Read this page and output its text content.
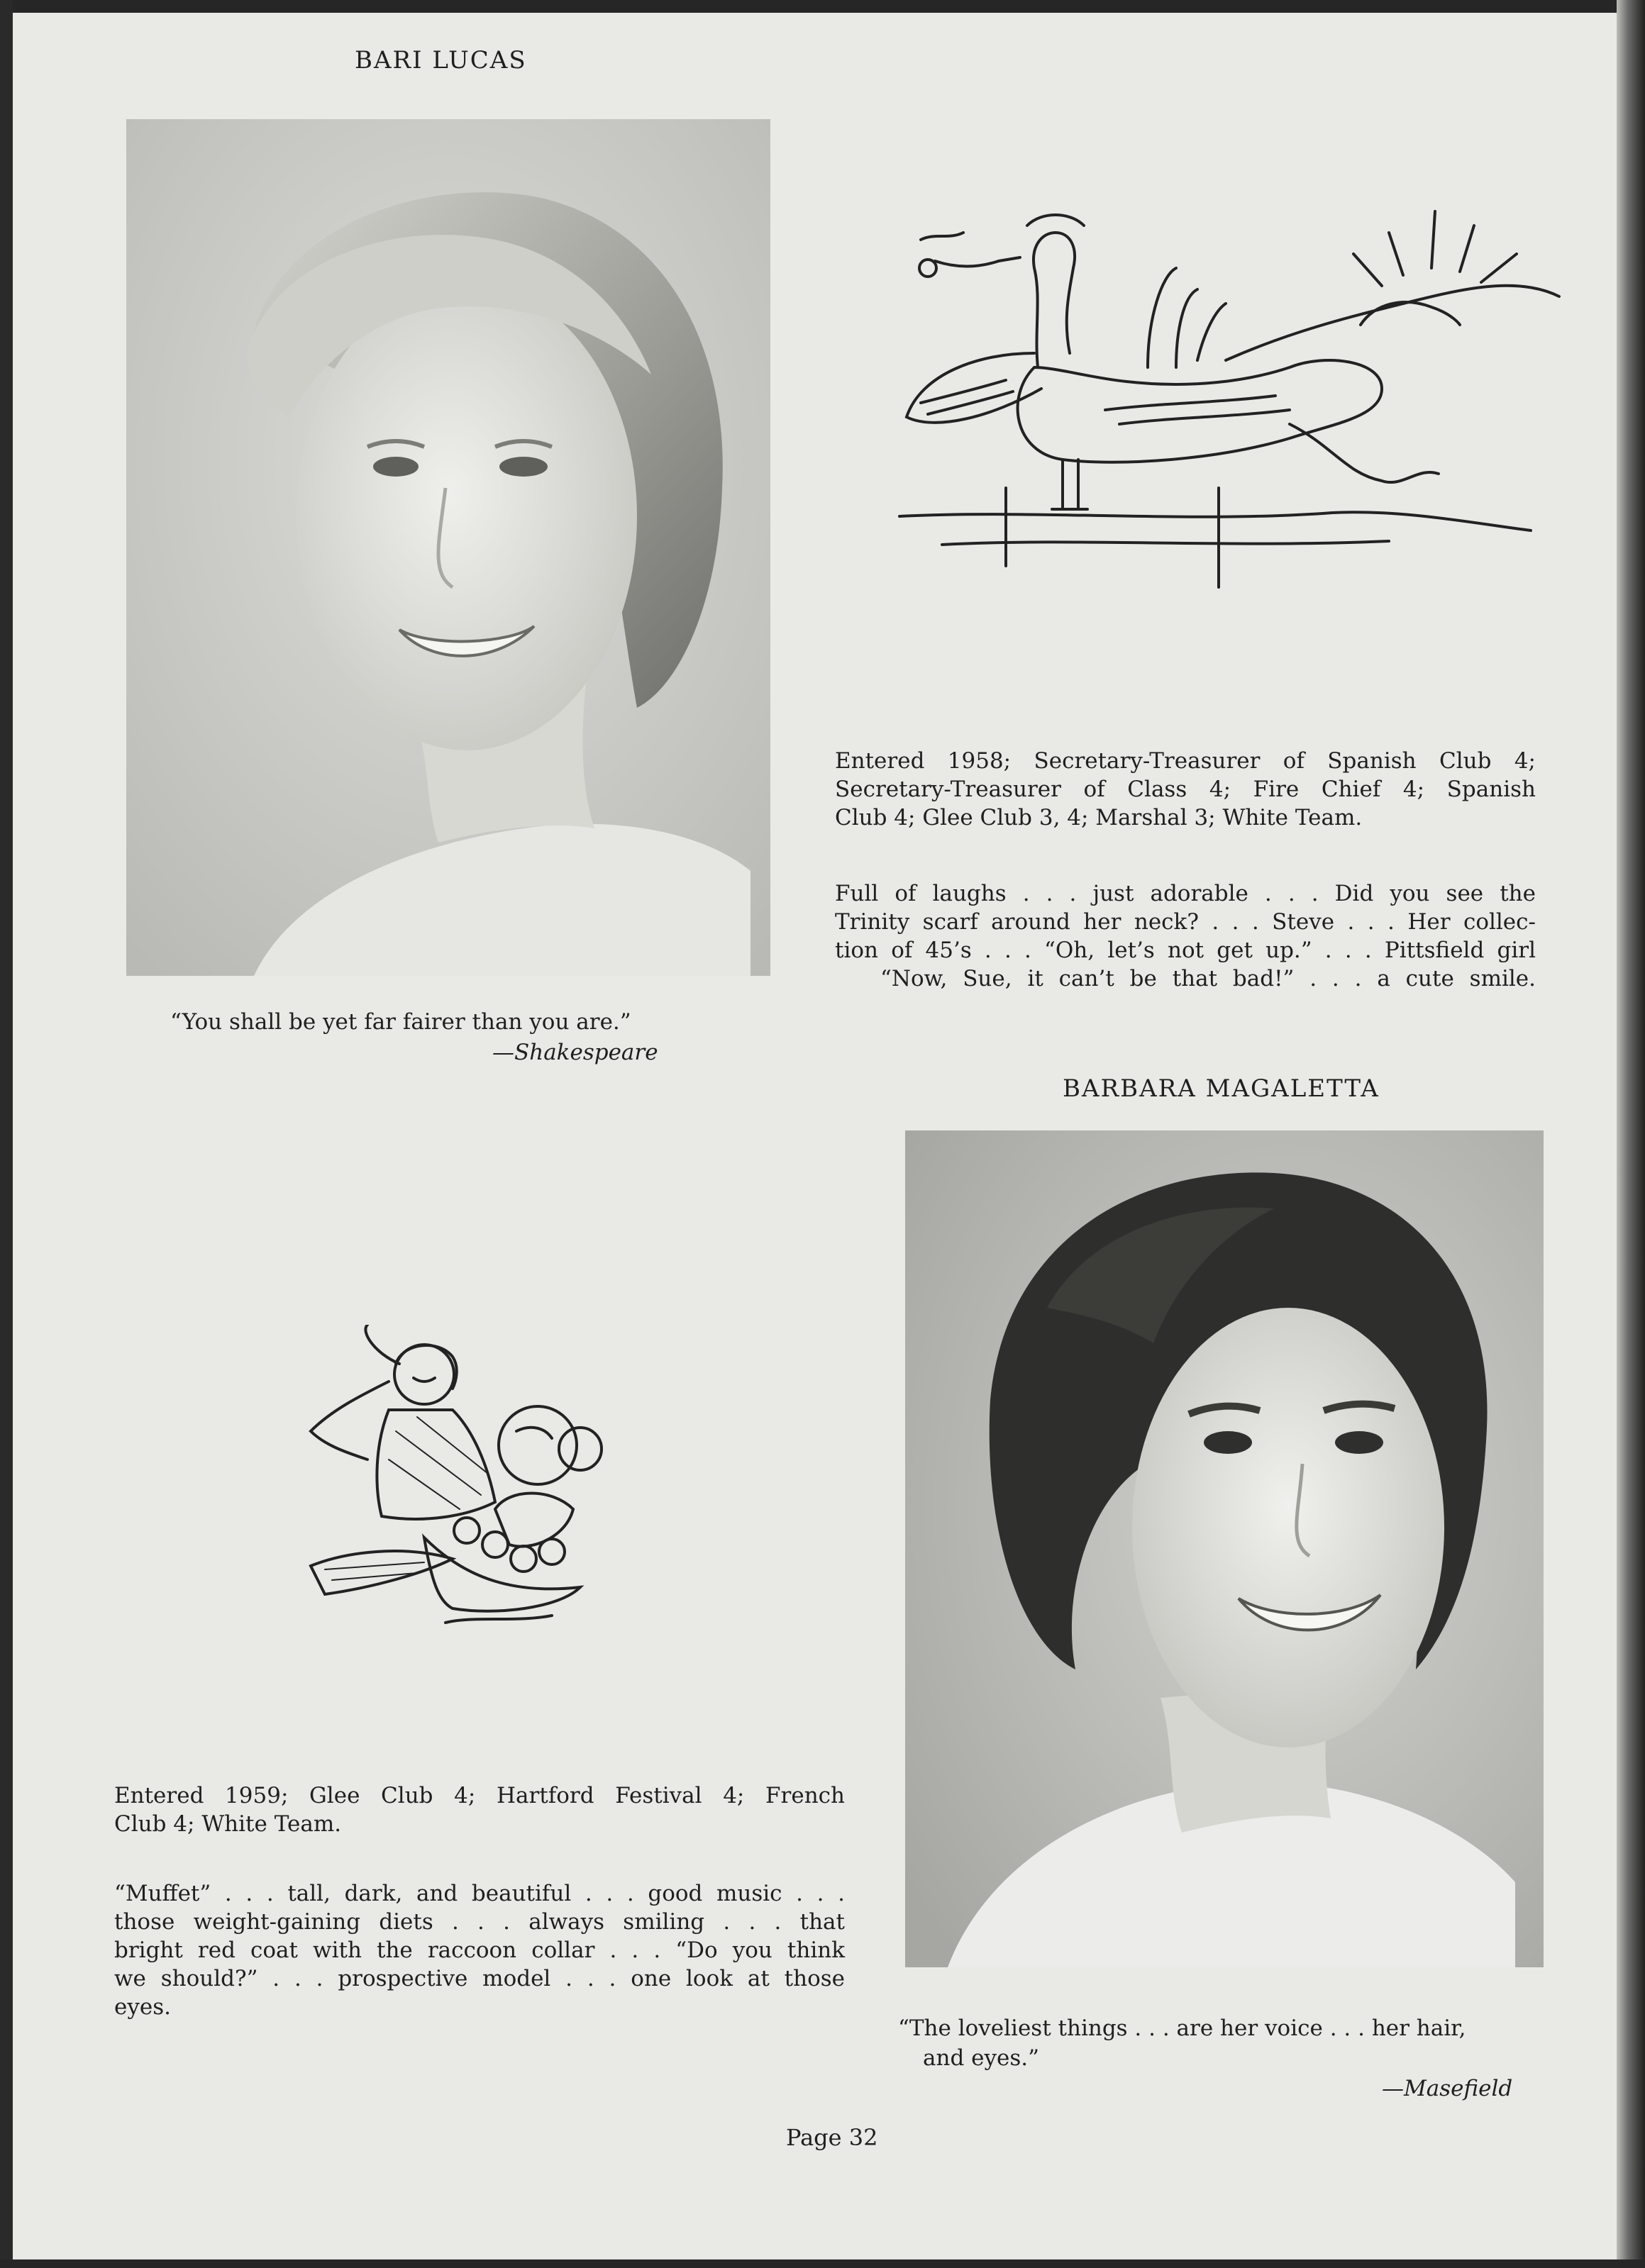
BARI LUCAS
Entered 1958; Secretary-Treasurer of Spanish Club 4;
Secretary-Treasurer of Class 4; Fire Chief 4; Spanish
Club 4; Glee Club 3, 4; Marshal 3; White Team.
Full of laughs . . . just adorable . . . Did you see the
Trinity scarf around her neck? . . . Steve . . . Her collec-
tion of 45’s . . . “Oh, let’s not get up.” . . . Pittsfield girl
“Now, Sue, it can’t be that bad!” . . . a cute smile.
“You shall be yet far fairer than you are.”
—Shakespeare
BARBARA MAGALETTA
Entered 1959; Glee Club 4; Hartford Festival 4; French
Club 4; White Team.
“Muffet” . . . tall, dark, and beautiful . . . good music . . .
those weight-gaining diets . . . always smiling . . . that
bright red coat with the raccoon collar . . . “Do you think
we should?” . . . prospective model . . . one look at those
eyes.
“The loveliest things . . . are her voice . . . her hair,
and eyes.”
—Masefield
Page 32
